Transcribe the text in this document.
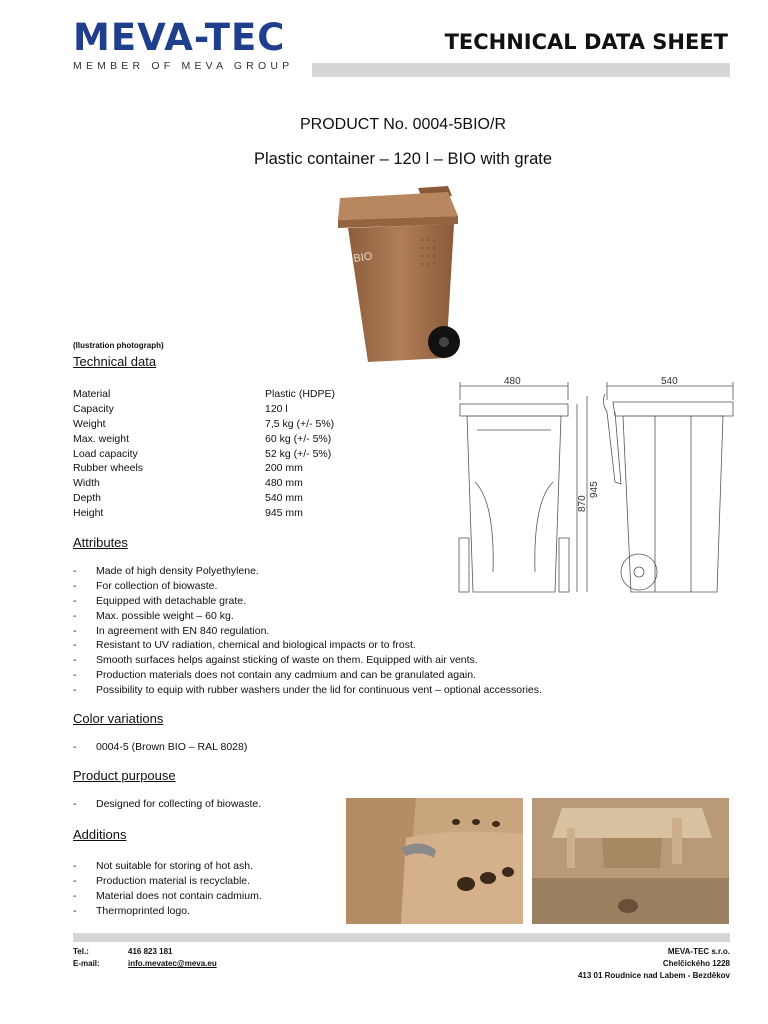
MEVA-TEC
MEMBER OF MEVA GROUP
TECHNICAL DATA SHEET
PRODUCT No. 0004-5BIO/R
Plastic container – 120 l – BIO with grate
BIO
(Ilustration photograph)
Technical data
Material	Plastic (HDPE)
Capacity	120 l
Weight	7,5 kg (+/- 5%)
Max. weight	60 kg (+/- 5%)
Load capacity	52 kg (+/- 5%)
Rubber wheels	200 mm
Width	480 mm
Depth	540 mm
Height	945 mm
480
870
945
540
Attributes
-	Made of high density Polyethylene.
-	For collection of biowaste.
-	Equipped with detachable grate.
-	Max. possible weight – 60 kg.
-	In agreement with EN 840 regulation.
-	Resistant to UV radiation, chemical and biological impacts or to frost.
-	Smooth surfaces helps against sticking of waste on them. Equipped with air vents.
-	Production materials does not contain any cadmium and can be granulated again.
-	Possibility to equip with rubber washers under the lid for continuous vent – optional accessories.
Color variations
-	0004-5 (Brown BIO – RAL 8028)
Product purpouse
-	Designed for collecting of biowaste.
Additions
-	Not suitable for storing of hot ash.
-	Production material is recyclable.
-	Material does not contain cadmium.
-	Thermoprinted logo.
Tel.:	416 823 181
E-mail:	info.mevatec@meva.eu
MEVA-TEC s.r.o.
Chelčického 1228
413 01 Roudnice nad Labem - Bezděkov
